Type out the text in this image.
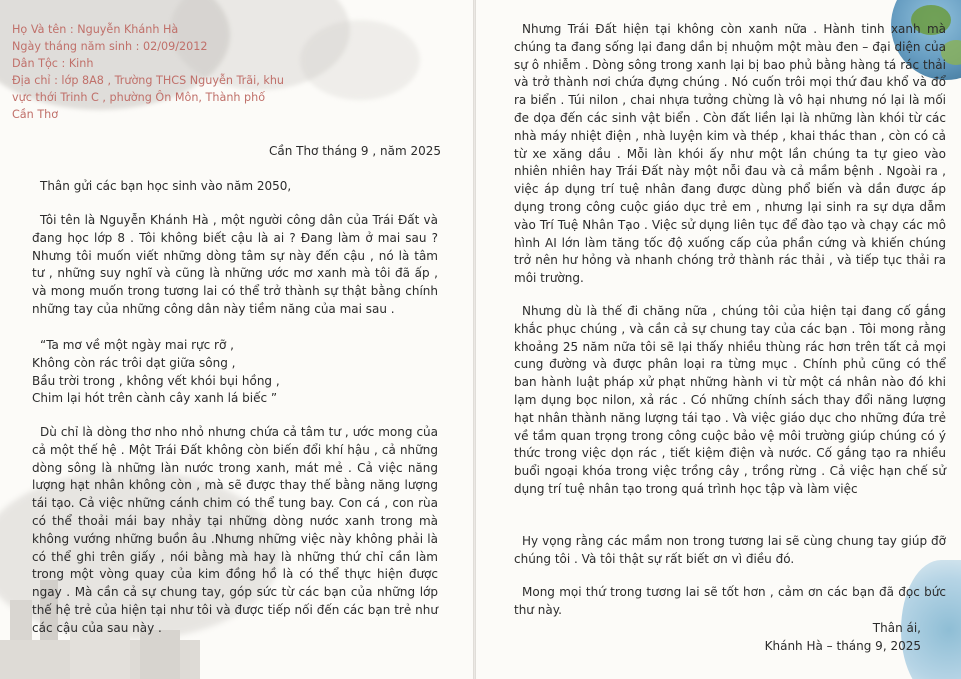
Họ Và tên : Nguyễn Khánh Hà
Ngày tháng năm sinh : 02/09/2012
Dân Tộc : Kinh
Địa chỉ : lớp 8A8 , Trường THCS Nguyễn Trãi, khu
vực thới Trinh C , phường Ôn Môn, Thành phố
Cần Thơ
Cần Thơ tháng 9 , năm 2025
Thân gửi các bạn học sinh vào năm 2050,
Tôi tên là Nguyễn Khánh Hà , một người công dân của Trái Đất và đang học lớp 8 . Tôi không biết cậu là ai ? Đang làm ở mai sau ? Nhưng tôi muốn viết những dòng tâm sự này đến cậu , nó là tâm tư , những suy nghĩ và cũng là những ước mơ xanh mà tôi đã ấp , và mong muốn trong tương lai có thể trở thành sự thật bằng chính những tay của những công dân này tiềm năng của mai sau .
“Ta mơ về một ngày mai rực rỡ ,
Không còn rác trôi dạt giữa sông ,
Bầu trời trong , không vết khói bụi hồng ,
Chim lại hót trên cành cây xanh lá biếc ”
Dù chỉ là dòng thơ nho nhỏ nhưng chứa cả tâm tư , ước mong của cả một thế hệ . Một Trái Đất không còn biến đổi khí hậu , cả những dòng sông là những làn nước trong xanh, mát mẻ . Cả việc năng lượng hạt nhân không còn , mà sẽ được thay thế bằng năng lượng tái tạo. Cả việc những cánh chim có thể tung bay. Con cá , con rùa có thể thoải mái bay nhảy tại những dòng nước xanh trong mà không vướng những buồn âu .Nhưng những việc này không phải là có thể ghi trên giấy , nói bằng mà hay là những thứ chỉ cần làm trong một vòng quay của kim đồng hồ là có thể thực hiện được ngay . Mà cần cả sự chung tay, góp sức từ các bạn của những lớp thế hệ trẻ của hiện tại như tôi và được tiếp nối đến các bạn trẻ như các cậu của sau này .
Nhưng Trái Đất hiện tại không còn xanh nữa . Hành tinh xanh mà chúng ta đang sống lại đang dần bị nhuộm một màu đen – đại diện của sự ô nhiễm . Dòng sông trong xanh lại bị bao phủ bằng hàng tá rác thải và trở thành nơi chứa đựng chúng . Nó cuốn trôi mọi thứ đau khổ và đổ ra biển . Túi nilon , chai nhựa tưởng chừng là vô hại nhưng nó lại là mối đe dọa đến các sinh vật biển . Còn đất liền lại là những làn khói từ các nhà máy nhiệt điện , nhà luyện kim và thép , khai thác than , còn có cả từ xe xăng dầu . Mỗi làn khói ấy như một lần chúng ta tự gieo vào nhiên nhiên hay Trái Đất này một nỗi đau và cả mầm bệnh . Ngoài ra , việc áp dụng trí tuệ nhân đang được dùng phổ biến và dần được áp dụng trong công cuộc giáo dục trẻ em , nhưng lại sinh ra sự dựa dẫm vào Trí Tuệ Nhân Tạo . Việc sử dụng liên tục để đào tạo và chạy các mô hình AI lớn làm tăng tốc độ xuống cấp của phần cứng và khiến chúng trở nên hư hỏng và nhanh chóng trở thành rác thải , và tiếp tục thải ra môi trường.
Nhưng dù là thế đi chăng nữa , chúng tôi của hiện tại đang cố gắng khắc phục chúng , và cần cả sự chung tay của các bạn . Tôi mong rằng khoảng 25 năm nữa tôi sẽ lại thấy nhiều thùng rác hơn trên tất cả mọi cung đường và được phân loại ra từng mục . Chính phủ cũng có thể ban hành luật pháp xử phạt những hành vi từ một cá nhân nào đó khi lạm dụng bọc nilon, xả rác . Có những chính sách thay đổi năng lượng hạt nhân thành năng lượng tái tạo . Và việc giáo dục cho những đứa trẻ về tầm quan trọng trong công cuộc bảo vệ môi trường giúp chúng có ý thức trong việc dọn rác , tiết kiệm điện và nước. Cố gắng tạo ra nhiều buổi ngoại khóa trong việc trồng cây , trồng rừng . Cả việc hạn chế sử dụng trí tuệ nhân tạo trong quá trình học tập và làm việc
Hy vọng rằng các mầm non trong tương lai sẽ cùng chung tay giúp đỡ chúng tôi . Và tôi thật sự rất biết ơn vì điều đó.
Mong mọi thứ trong tương lai sẽ tốt hơn , cảm ơn các bạn đã đọc bức thư này.
Thân ái,
Khánh Hà – tháng 9, 2025
